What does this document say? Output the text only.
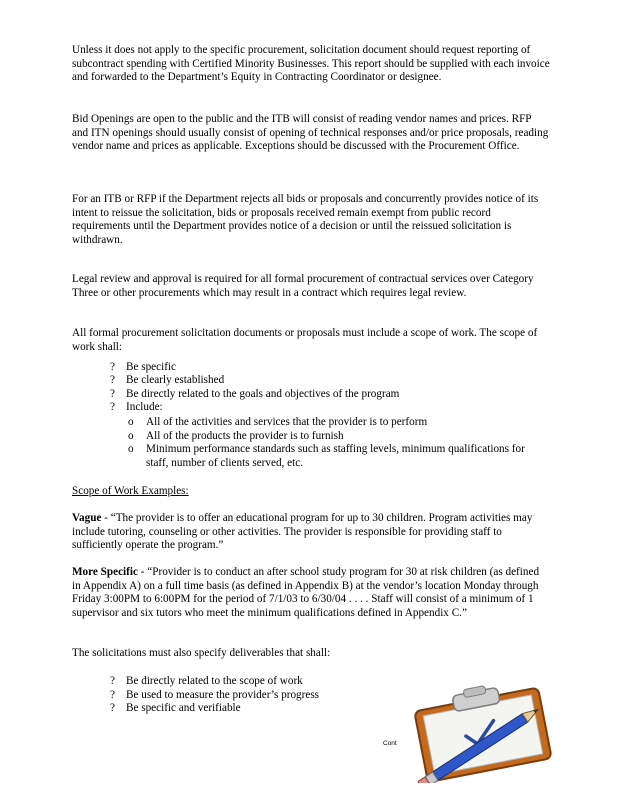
Unless it does not apply to the specific procurement, solicitation document should request reporting of subcontract spending with Certified Minority Businesses. This report should be supplied with each invoice and forwarded to the Department’s Equity in Contracting Coordinator or designee.

Bid Openings are open to the public and the ITB will consist of reading vendor names and prices. RFP and ITN openings should usually consist of opening of technical responses and/or price proposals, reading vendor name and prices as applicable. Exceptions should be discussed with the Procurement Office.

For an ITB or RFP if the Department rejects all bids or proposals and concurrently provides notice of its intent to reissue the solicitation, bids or proposals received remain exempt from public record requirements until the Department provides notice of a decision or until the reissued solicitation is withdrawn.

Legal review and approval is required for all formal procurement of contractual services over Category Three or other procurements which may result in a contract which requires legal review.

All formal procurement solicitation documents or proposals must include a scope of work. The scope of work shall:

? Be specific
? Be clearly established
? Be directly related to the goals and objectives of the program
? Include:
o All of the activities and services that the provider is to perform
o All of the products the provider is to furnish
o Minimum performance standards such as staffing levels, minimum qualifications for staff, number of clients served, etc.

Scope of Work Examples:

Vague - “The provider is to offer an educational program for up to 30 children. Program activities may include tutoring, counseling or other activities. The provider is responsible for providing staff to sufficiently operate the program.”

More Specific - “Provider is to conduct an after school study program for 30 at risk children (as defined in Appendix A) on a full time basis (as defined in Appendix B) at the vendor’s location Monday through Friday 3:00PM to 6:00PM for the period of 7/1/03 to 6/30/04 . . . . Staff will consist of a minimum of 1 supervisor and six tutors who meet the minimum qualifications defined in Appendix C.”

The solicitations must also specify deliverables that shall:

? Be directly related to the scope of work
? Be used to measure the provider’s progress
? Be specific and verifiable
Cont
